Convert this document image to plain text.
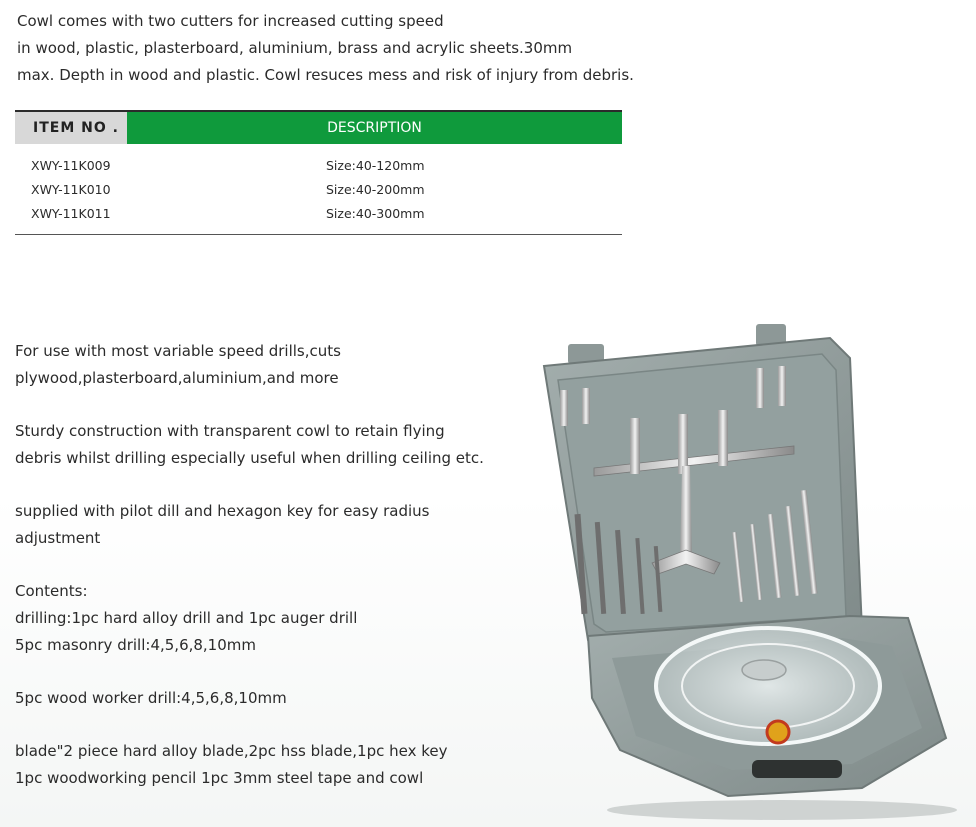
Cowl comes with two cutters for increased cutting speed

in wood, plastic, plasterboard, aluminium, brass and acrylic sheets.30mm

max. Depth in wood and plastic. Cowl resuces mess and risk of injury from debris.

ITEM NO .	DESCRIPTION
XWY-11K009	Size:40-120mm
XWY-11K010	Size:40-200mm
XWY-11K011	Size:40-300mm

For use with most variable speed drills,cuts

plywood,plasterboard,aluminium,and more

Sturdy construction with transparent cowl to retain flying

debris whilst drilling especially useful when drilling ceiling etc.

supplied with pilot dill and hexagon key for easy radius

adjustment

Contents:

drilling:1pc hard alloy drill and 1pc auger drill

5pc masonry drill:4,5,6,8,10mm

5pc wood worker drill:4,5,6,8,10mm

blade"2 piece hard alloy blade,2pc hss blade,1pc hex key

1pc woodworking pencil 1pc 3mm steel tape and cowl
